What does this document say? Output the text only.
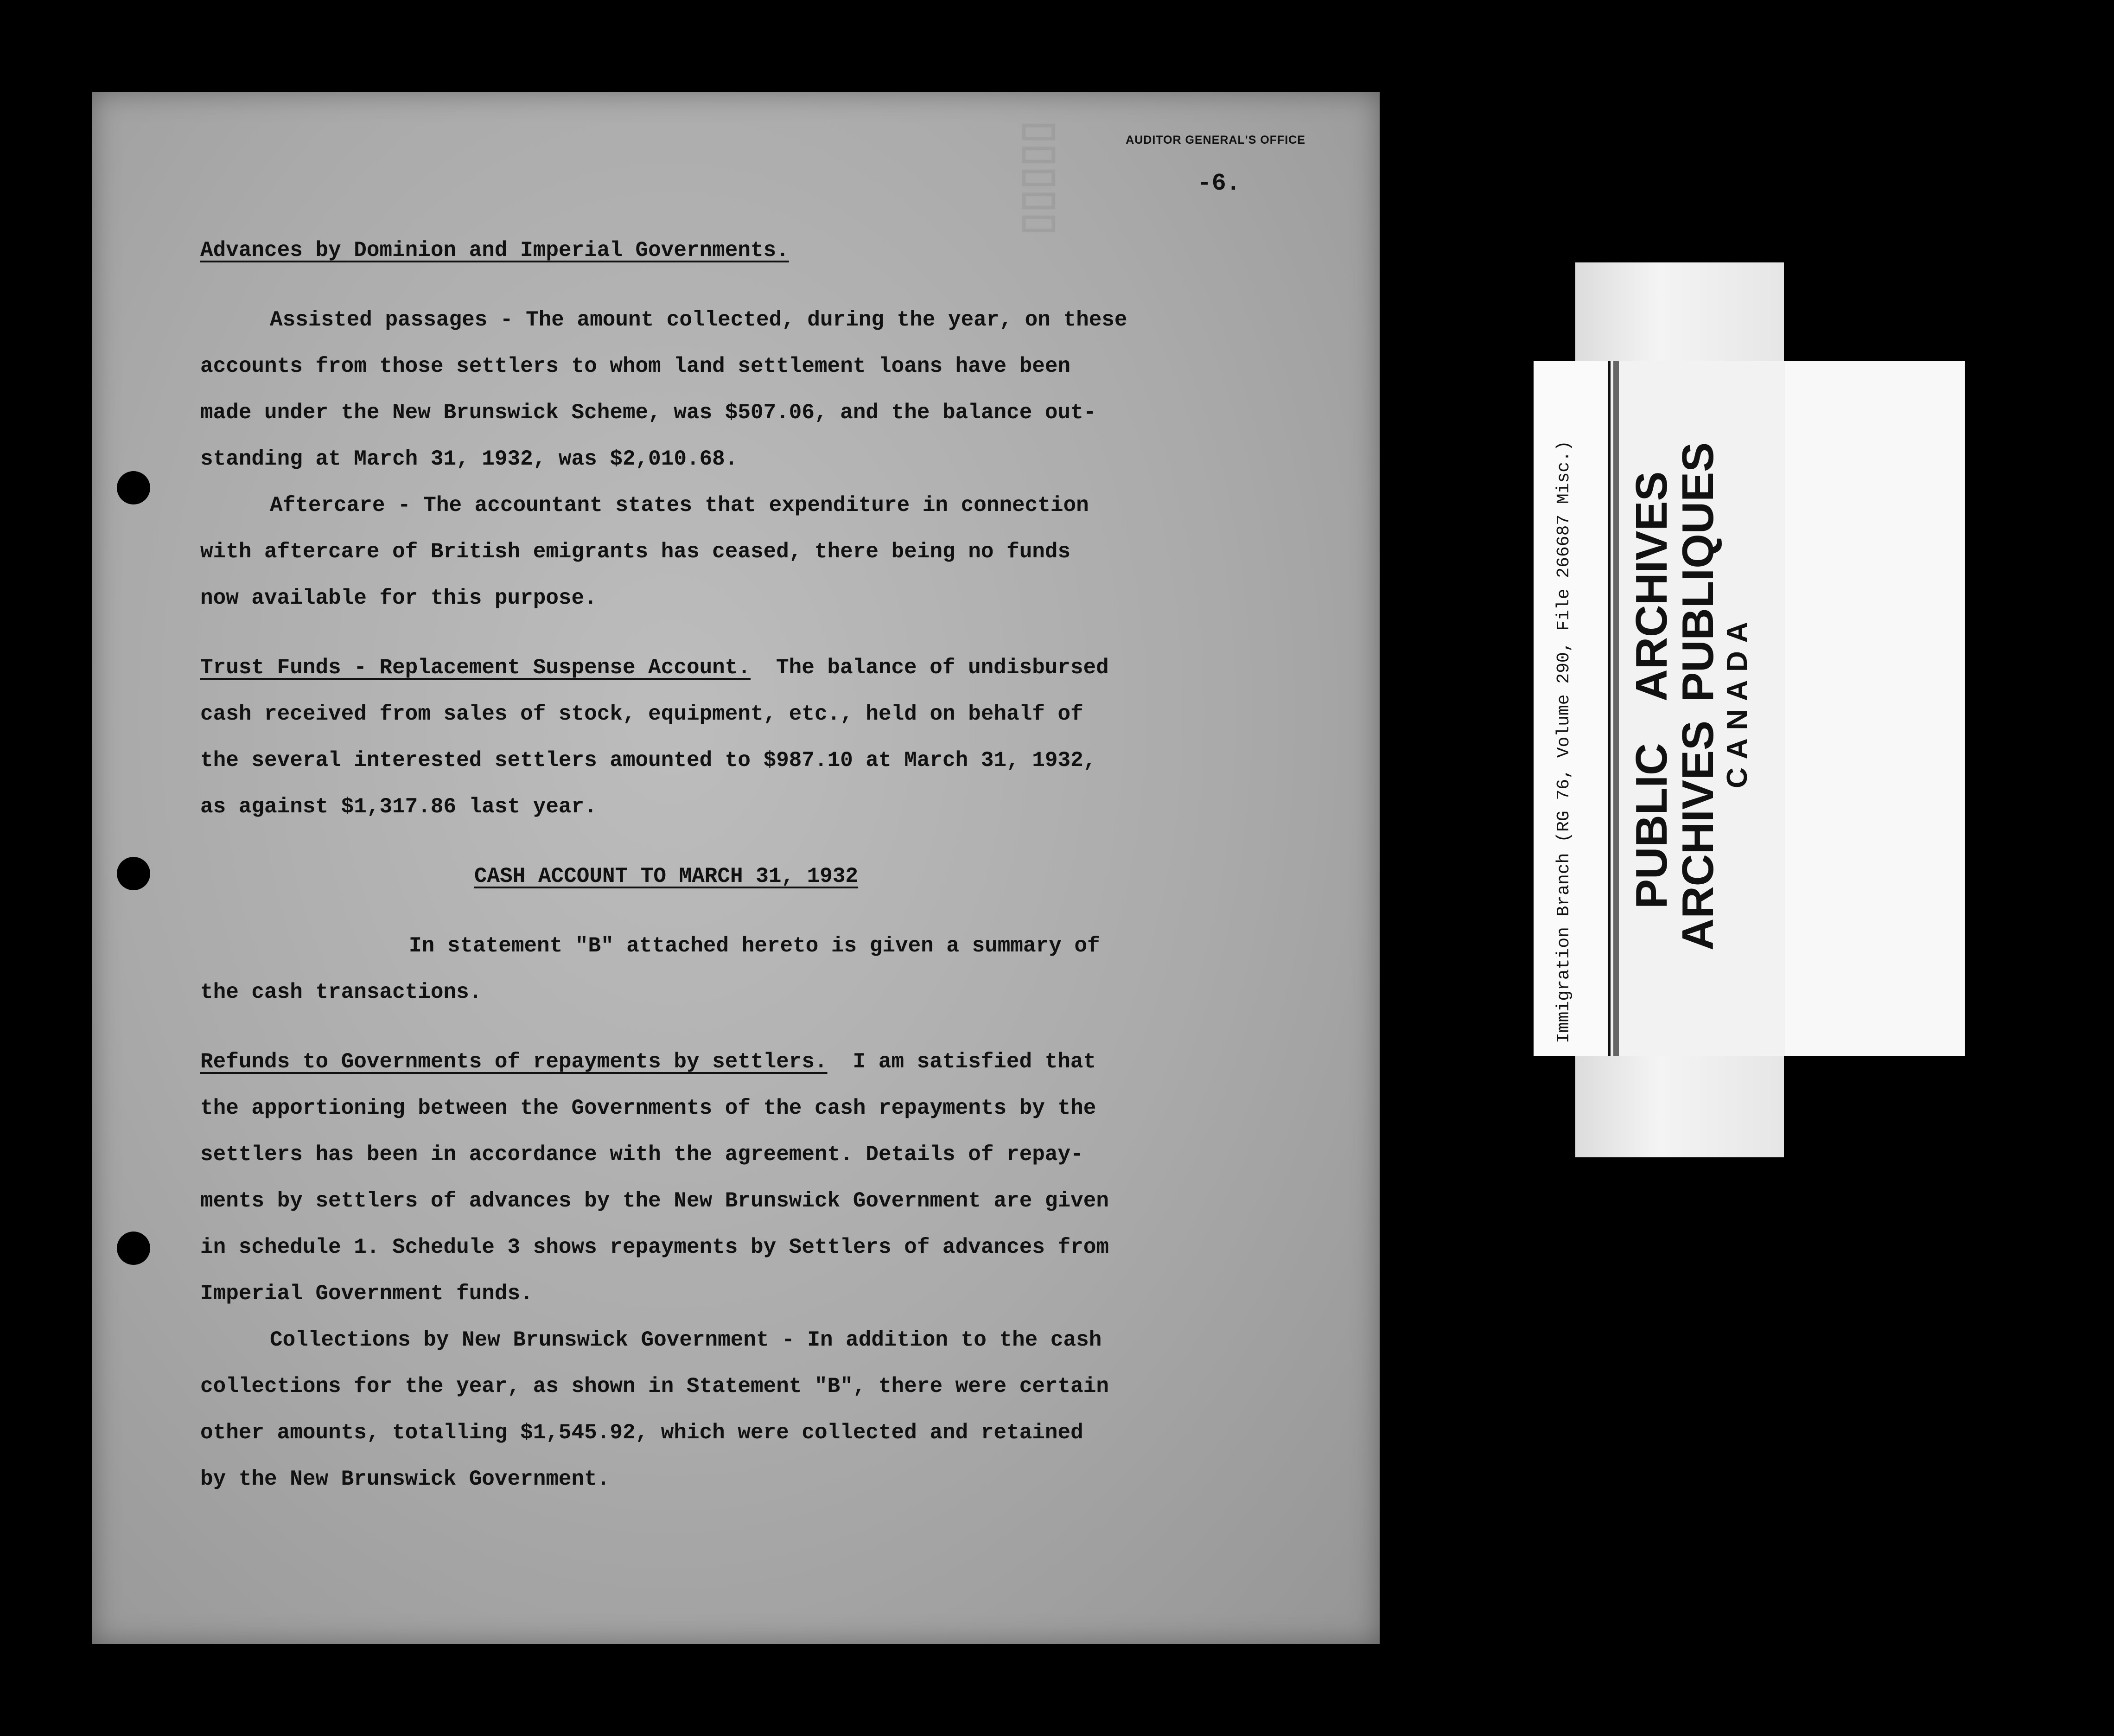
AUDITOR GENERAL'S OFFICE
-6.
▯▯▯▯▯
Advances by Dominion and Imperial Governments.
Assisted passages - The amount collected, during the year, on these
accounts from those settlers to whom land settlement loans have been
made under the New Brunswick Scheme, was $507.06, and the balance out-
standing at March 31, 1932, was $2,010.68.
Aftercare - The accountant states that expenditure in connection
with aftercare of British emigrants has ceased, there being no funds
now available for this purpose.
Trust Funds - Replacement Suspense Account. The balance of undisbursed
cash received from sales of stock, equipment, etc., held on behalf of
the several interested settlers amounted to $987.10 at March 31, 1932,
as against $1,317.86 last year.
CASH ACCOUNT TO MARCH 31, 1932
In statement "B" attached hereto is given a summary of
the cash transactions.
Refunds to Governments of repayments by settlers. I am satisfied that
the apportioning between the Governments of the cash repayments by the
settlers has been in accordance with the agreement. Details of repay-
ments by settlers of advances by the New Brunswick Government are given
in schedule 1. Schedule 3 shows repayments by Settlers of advances from
Imperial Government funds.
Collections by New Brunswick Government - In addition to the cash
collections for the year, as shown in Statement "B", there were certain
other amounts, totalling $1,545.92, which were collected and retained
by the New Brunswick Government.
Immigration Branch (RG 76, Volume 290, File 266687 Misc.) PUBLICARCHIVES
ARCHIVESPUBLIQUES
CANADA
